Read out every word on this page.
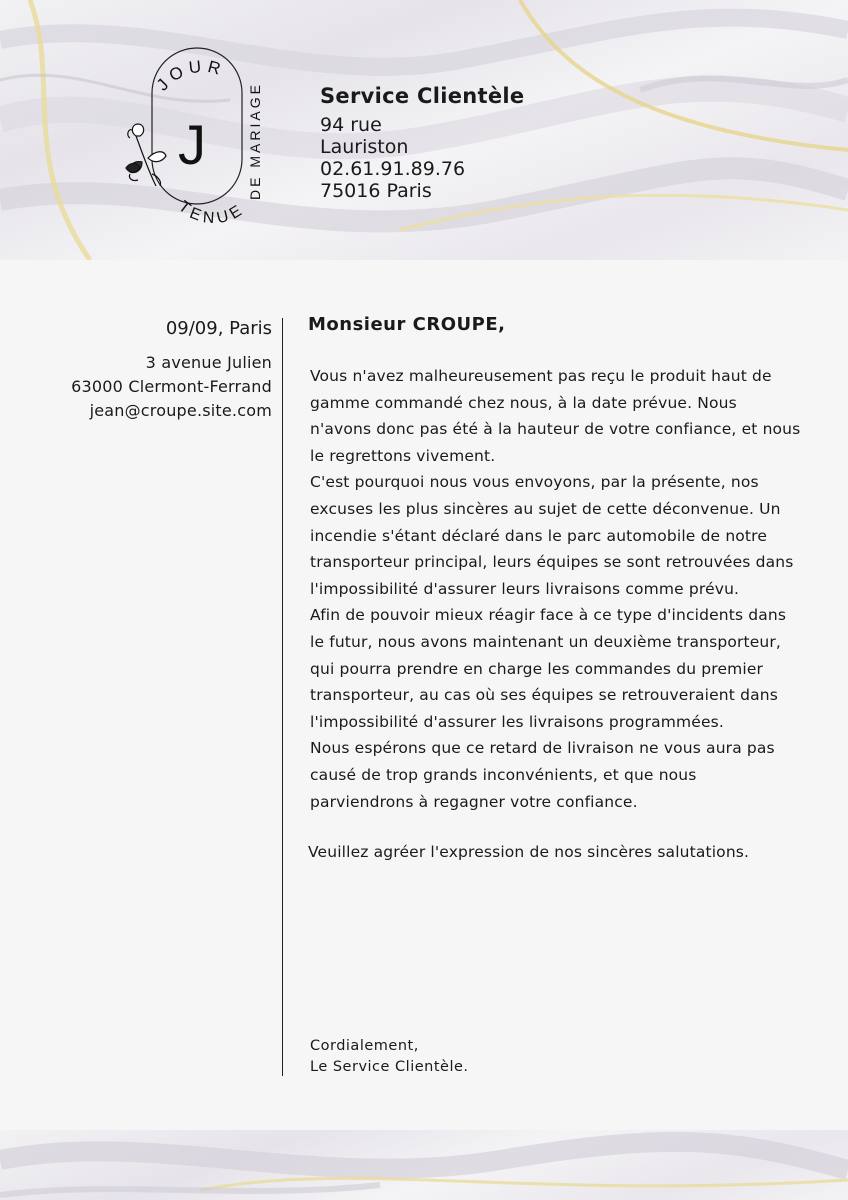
JOUR
DE MARIAGE
TENUE
J
Service Clientèle
94 rue
Lauriston
02.61.91.89.76
75016 Paris
09/09, Paris
3 avenue Julien
63000 Clermont-Ferrand
jean@croupe.site.com
Monsieur CROUPE,

Vous n'avez malheureusement pas reçu le produit haut de gamme commandé chez nous, à la date prévue. Nous n'avons donc pas été à la hauteur de votre confiance, et nous le regrettons vivement.

C'est pourquoi nous vous envoyons, par la présente, nos excuses les plus sincères au sujet de cette déconvenue. Un incendie s'étant déclaré dans le parc automobile de notre transporteur principal, leurs équipes se sont retrouvées dans l'impossibilité d'assurer leurs livraisons comme prévu.

Afin de pouvoir mieux réagir face à ce type d'incidents dans le futur, nous avons maintenant un deuxième transporteur, qui pourra prendre en charge les commandes du premier transporteur, au cas où ses équipes se retrouveraient dans l'impossibilité d'assurer les livraisons programmées.

Nous espérons que ce retard de livraison ne vous aura pas causé de trop grands inconvénients, et que nous parviendrons à regagner votre confiance.

Veuillez agréer l'expression de nos sincères salutations.
Cordialement,
Le Service Clientèle.
